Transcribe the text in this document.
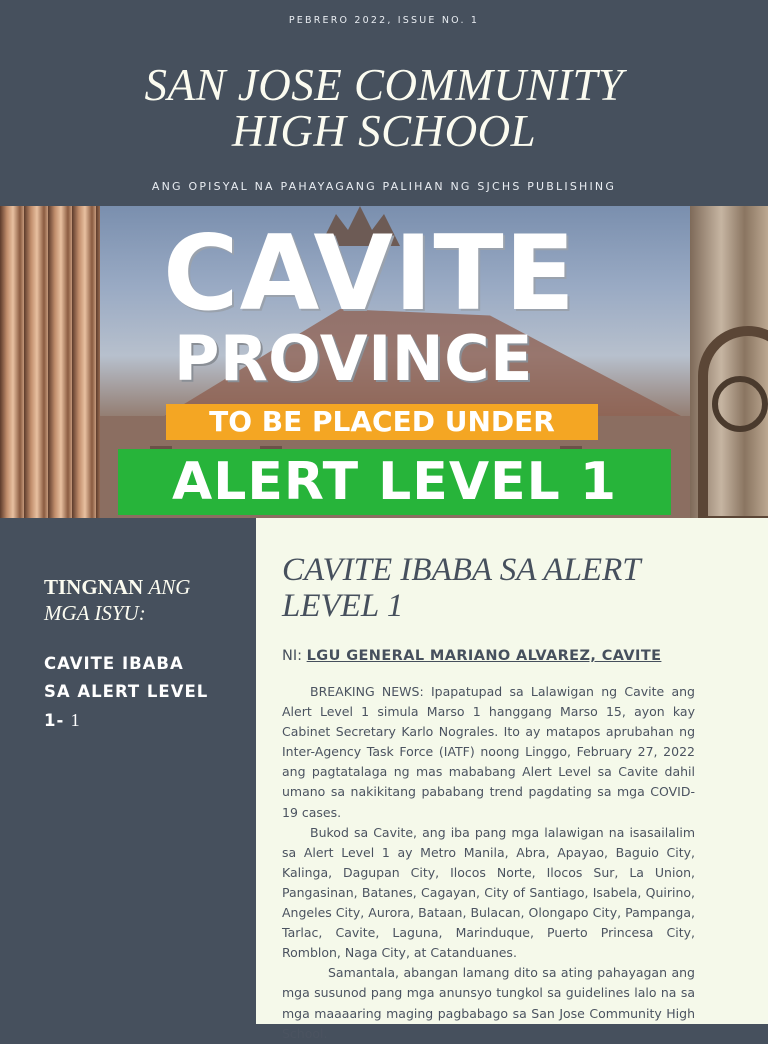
PEBRERO 2022, ISSUE NO. 1
SAN JOSE COMMUNITY
HIGH SCHOOL
ANG OPISYAL NA PAHAYAGANG PALIHAN NG SJCHS PUBLISHING
CAVITE
PROVINCE
TO BE PLACED UNDER
ALERT LEVEL 1
TINGNAN ANG
MGA ISYU:
CAVITE IBABA
SA ALERT LEVEL
1- 1
CAVITE IBABA SA ALERT
LEVEL 1
NI: LGU GENERAL MARIANO ALVAREZ, CAVITE

BREAKING NEWS: Ipapatupad sa Lalawigan ng Cavite ang Alert Level 1 simula Marso 1 hanggang Marso 15, ayon kay Cabinet Secretary Karlo Nograles. Ito ay matapos aprubahan ng Inter-Agency Task Force (IATF) noong Linggo, February 27, 2022 ang pagtatalaga ng mas mababang Alert Level sa Cavite dahil umano sa nakikitang pababang trend pagdating sa mga COVID-19 cases.

Bukod sa Cavite, ang iba pang mga lalawigan na isasailalim sa Alert Level 1 ay Metro Manila, Abra, Apayao, Baguio City, Kalinga, Dagupan City, Ilocos Norte, Ilocos Sur, La Union, Pangasinan, Batanes, Cagayan, City of Santiago, Isabela, Quirino, Angeles City, Aurora, Bataan, Bulacan, Olongapo City, Pampanga, Tarlac, Cavite, Laguna, Marinduque, Puerto Princesa City, Romblon, Naga City, at Catanduanes.

Samantala, abangan lamang dito sa ating pahayagan ang mga susunod pang mga anunsyo tungkol sa guidelines lalo na sa mga maaaaring maging pagbabago sa San Jose Community High School.
